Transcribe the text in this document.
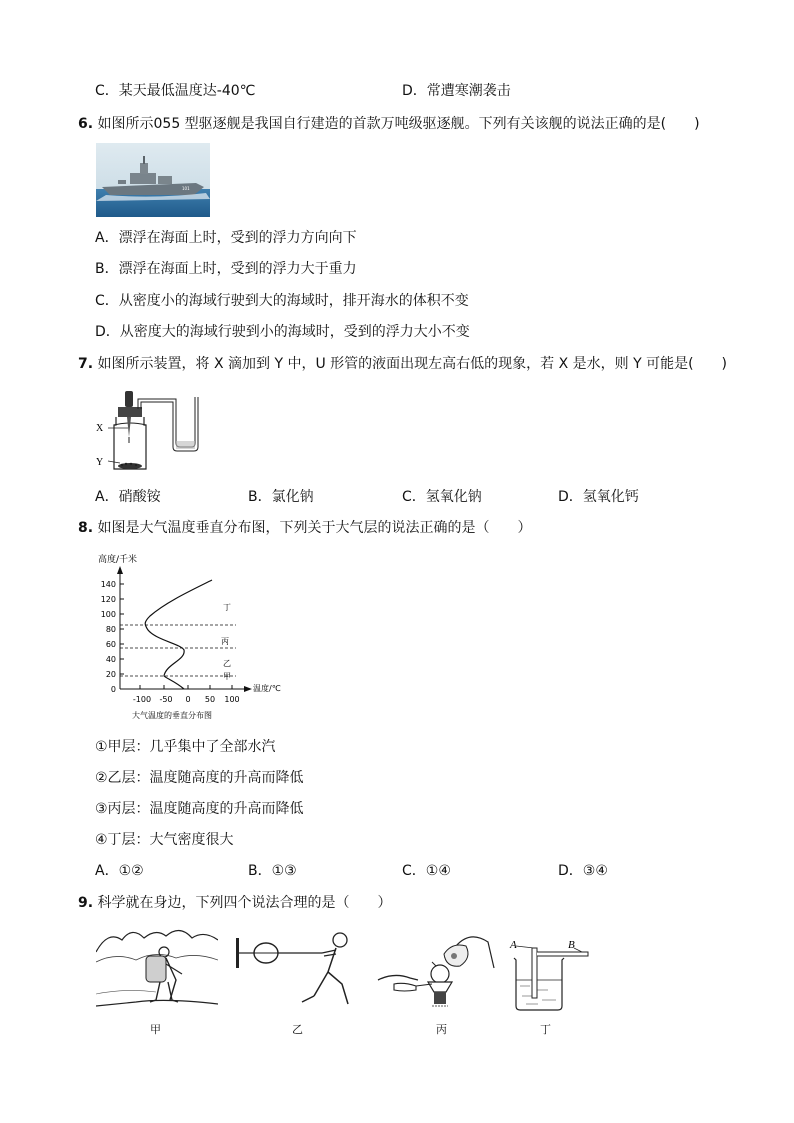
C．某天最低温度达-40℃	D．常遭寒潮袭击
6. 如图所示055 型驱逐舰是我国自行建造的首款万吨级驱逐舰。下列有关该舰的说法正确的是(　　)
101
A．漂浮在海面上时，受到的浮力方向向下
B．漂浮在海面上时，受到的浮力大于重力
C．从密度小的海域行驶到大的海域时，排开海水的体积不变
D．从密度大的海域行驶到小的海域时，受到的浮力大小不变
7. 如图所示装置，将 X 滴加到 Y 中，U 形管的液面出现左高右低的现象，若 X 是水，则 Y 可能是(　　)
X
Y
A．硝酸铵	B．氯化钠	C．氢氧化钠	D．氢氧化钙
8. 如图是大气温度垂直分布图，下列关于大气层的说法正确的是（　　）
高度/千米
140
120
100
80
60
40
20
0
-100 -50 0 50 100
温度/℃
丁
丙
乙
甲
大气温度的垂直分布图
①甲层：几乎集中了全部水汽
②乙层：温度随高度的升高而降低
③丙层：温度随高度的升高而降低
④丁层：大气密度很大
A．①②	B．①③	C．①④	D．③④
9. 科学就在身边，下列四个说法合理的是（　　）
A	B
甲	乙	丙	丁
